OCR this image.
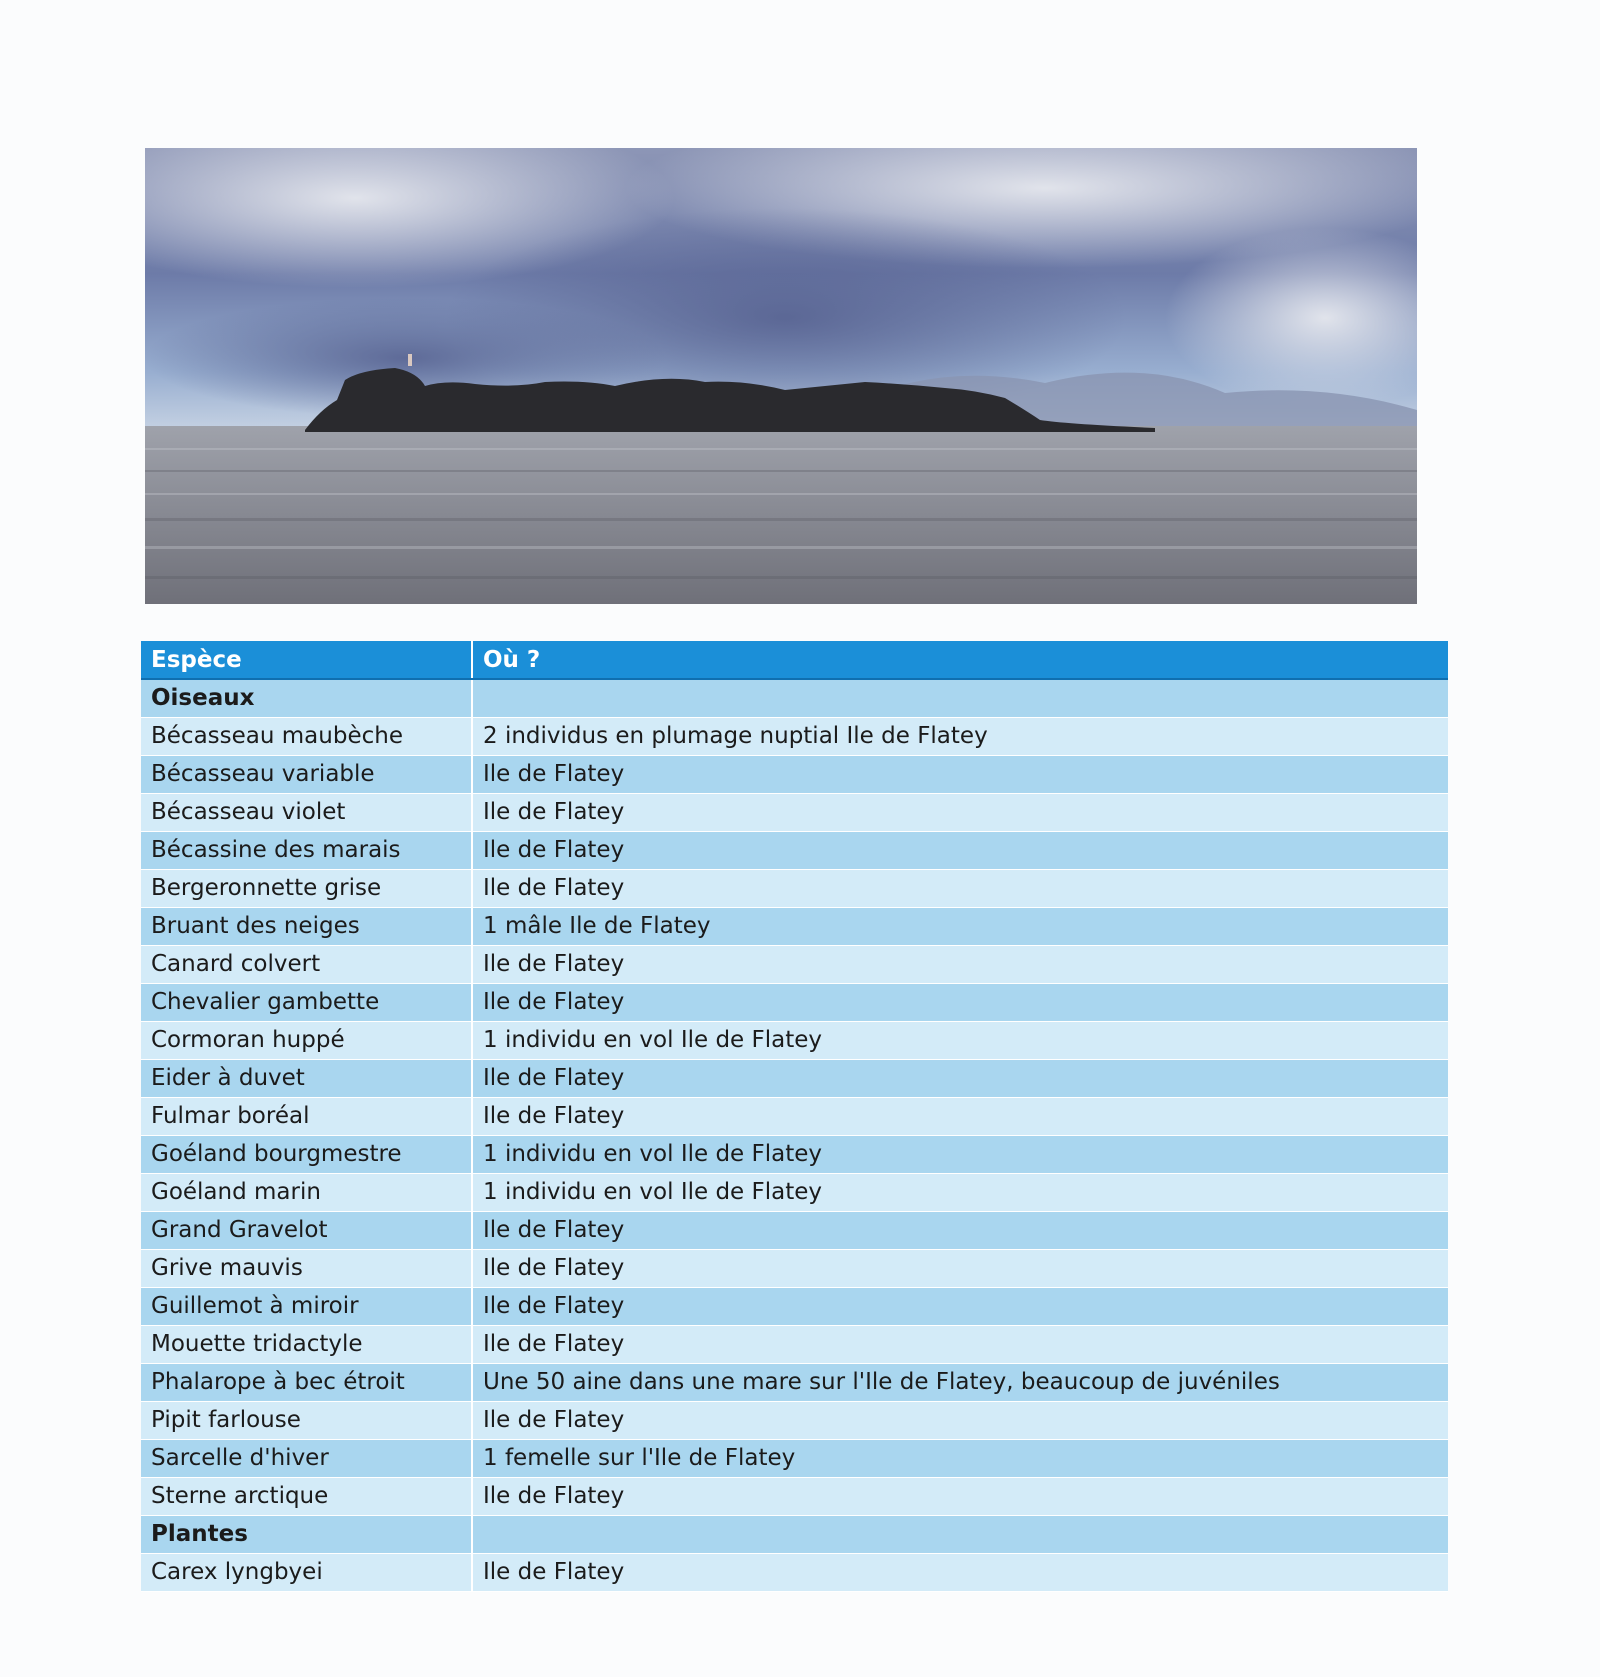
Espèce	Où ?
Oiseaux	
Bécasseau maubèche	2 individus en plumage nuptial Ile de Flatey
Bécasseau variable	Ile de Flatey
Bécasseau violet	Ile de Flatey
Bécassine des marais	Ile de Flatey
Bergeronnette grise	Ile de Flatey
Bruant des neiges	1 mâle Ile de Flatey
Canard colvert	Ile de Flatey
Chevalier gambette	Ile de Flatey
Cormoran huppé	1 individu en vol Ile de Flatey
Eider à duvet	Ile de Flatey
Fulmar boréal	Ile de Flatey
Goéland bourgmestre	1 individu en vol Ile de Flatey
Goéland marin	1 individu en vol Ile de Flatey
Grand Gravelot	Ile de Flatey
Grive mauvis	Ile de Flatey
Guillemot à miroir	Ile de Flatey
Mouette tridactyle	Ile de Flatey
Phalarope à bec étroit	Une 50 aine dans une mare sur l'Ile de Flatey, beaucoup de juvéniles
Pipit farlouse	Ile de Flatey
Sarcelle d'hiver	1 femelle sur l'Ile de Flatey
Sterne arctique	Ile de Flatey
Plantes	
Carex lyngbyei	Ile de Flatey
